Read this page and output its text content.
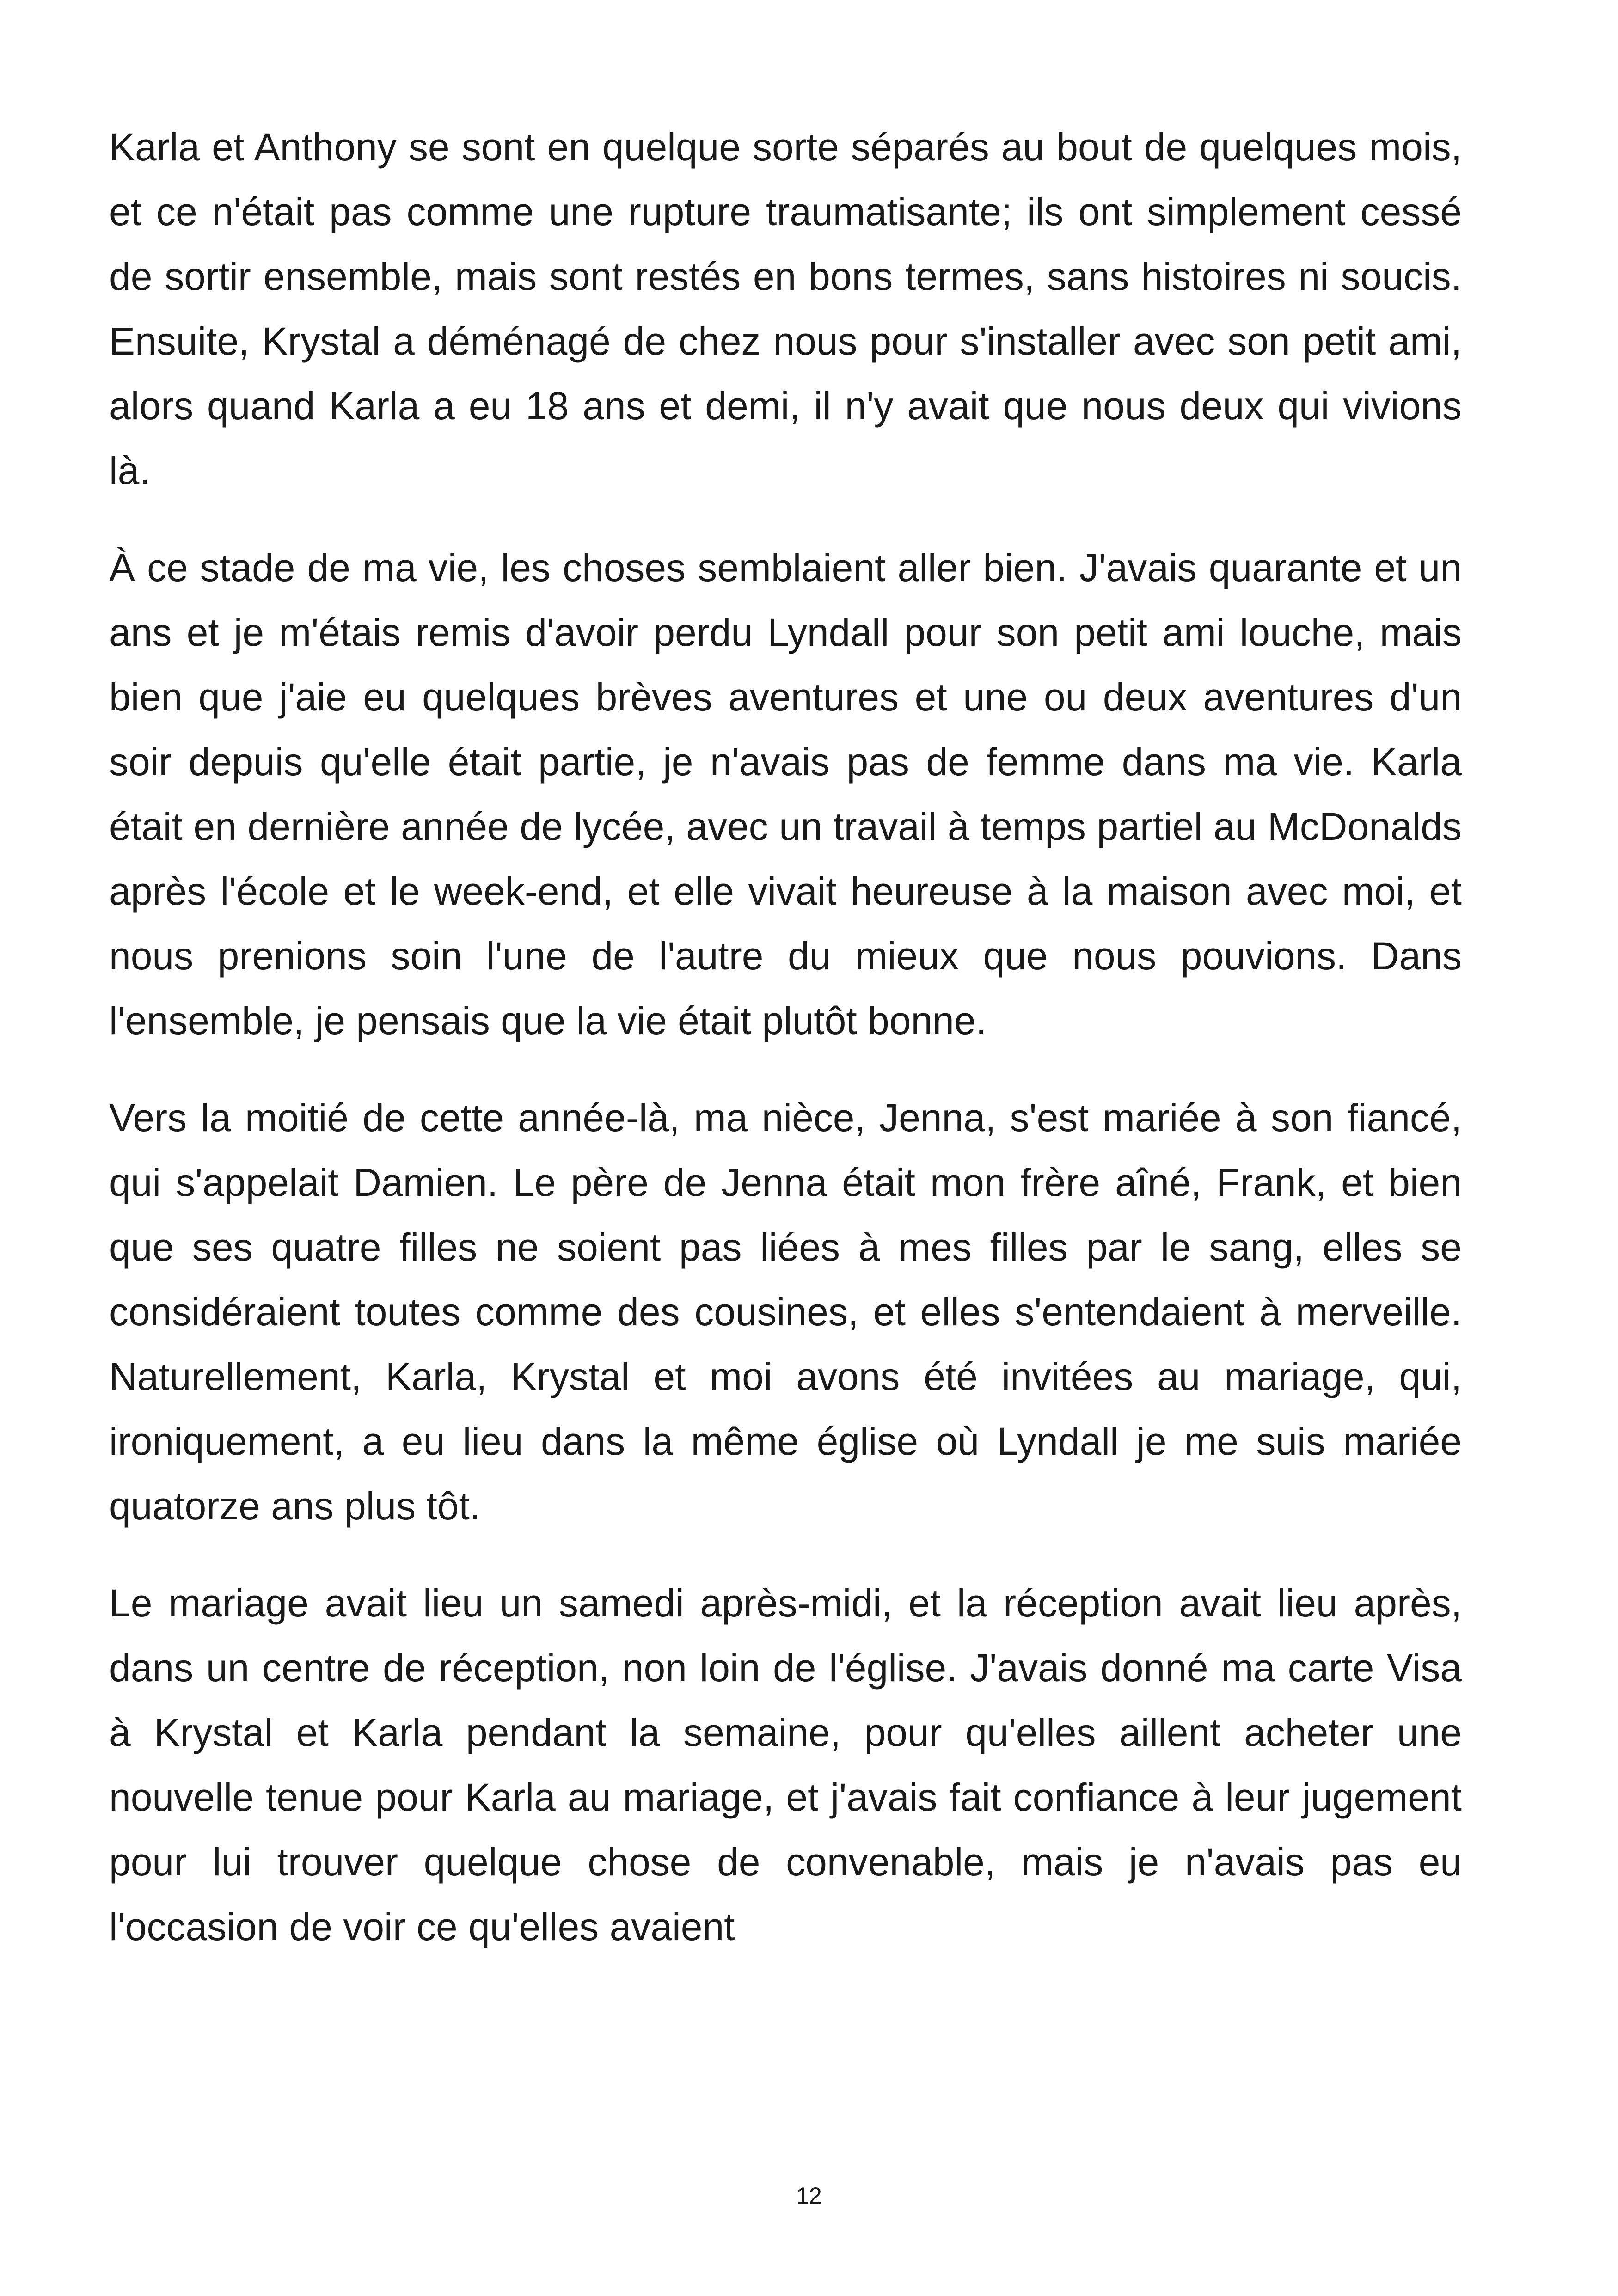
Karla et Anthony se sont en quelque sorte séparés au bout de quelques mois, et ce n'était pas comme une rupture traumatisante; ils ont simplement cessé de sortir ensemble, mais sont restés en bons termes, sans histoires ni soucis. Ensuite, Krystal a déménagé de chez nous pour s'installer avec son petit ami, alors quand Karla a eu 18 ans et demi, il n'y avait que nous deux qui vivions là.

À ce stade de ma vie, les choses semblaient aller bien. J'avais quarante et un ans et je m'étais remis d'avoir perdu Lyndall pour son petit ami louche, mais bien que j'aie eu quelques brèves aventures et une ou deux aventures d'un soir depuis qu'elle était partie, je n'avais pas de femme dans ma vie. Karla était en dernière année de lycée, avec un travail à temps partiel au McDonalds après l'école et le week-end, et elle vivait heureuse à la maison avec moi, et nous prenions soin l'une de l'autre du mieux que nous pouvions. Dans l'ensemble, je pensais que la vie était plutôt bonne.

Vers la moitié de cette année-là, ma nièce, Jenna, s'est mariée à son fiancé, qui s'appelait Damien. Le père de Jenna était mon frère aîné, Frank, et bien que ses quatre filles ne soient pas liées à mes filles par le sang, elles se considéraient toutes comme des cousines, et elles s'entendaient à merveille. Naturellement, Karla, Krystal et moi avons été invitées au mariage, qui, ironiquement, a eu lieu dans la même église où Lyndall je me suis mariée quatorze ans plus tôt.

Le mariage avait lieu un samedi après-midi, et la réception avait lieu après, dans un centre de réception, non loin de l'église. J'avais donné ma carte Visa à Krystal et Karla pendant la semaine, pour qu'elles aillent acheter une nouvelle tenue pour Karla au mariage, et j'avais fait confiance à leur jugement pour lui trouver quelque chose de convenable, mais je n'avais pas eu l'occasion de voir ce qu'elles avaient

12
